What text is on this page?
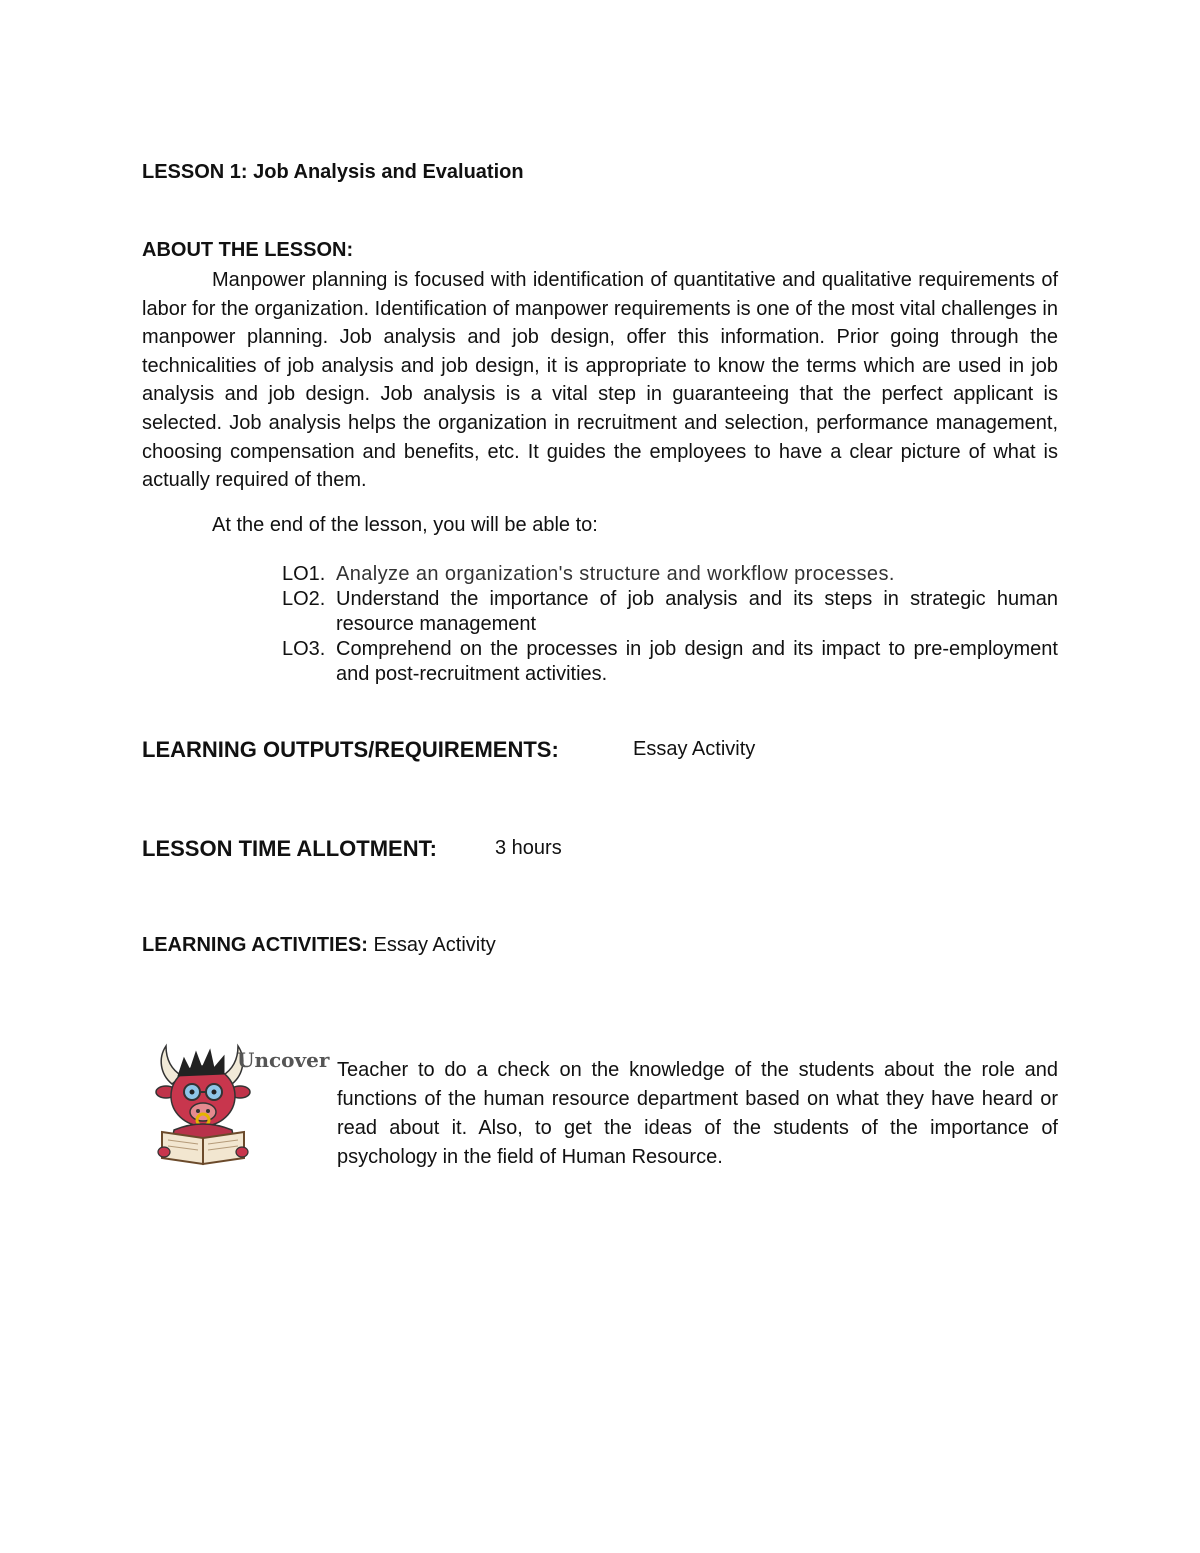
LESSON 1: Job Analysis and Evaluation
ABOUT THE LESSON:
Manpower planning is focused with identification of quantitative and qualitative requirements of labor for the organization. Identification of manpower requirements is one of the most vital challenges in manpower planning. Job analysis and job design, offer this information. Prior going through the technicalities of job analysis and job design, it is appropriate to know the terms which are used in job analysis and job design. Job analysis is a vital step in guaranteeing that the perfect applicant is selected. Job analysis helps the organization in recruitment and selection, performance management, choosing compensation and benefits, etc. It guides the employees to have a clear picture of what is actually required of them.
At the end of the lesson, you will be able to:
LO1. Analyze an organization's structure and workflow processes.
LO2. Understand the importance of job analysis and its steps in strategic human resource management
LO3. Comprehend on the processes in job design and its impact to pre-employment and post-recruitment activities.
LEARNING OUTPUTS/REQUIREMENTS:	Essay Activity
LESSON TIME ALLOTMENT:	3 hours
LEARNING ACTIVITIES: Essay Activity
Uncover Teacher to do a check on the knowledge of the students about the role and functions of the human resource department based on what they have heard or read about it. Also, to get the ideas of the students of the importance of psychology in the field of Human Resource.
